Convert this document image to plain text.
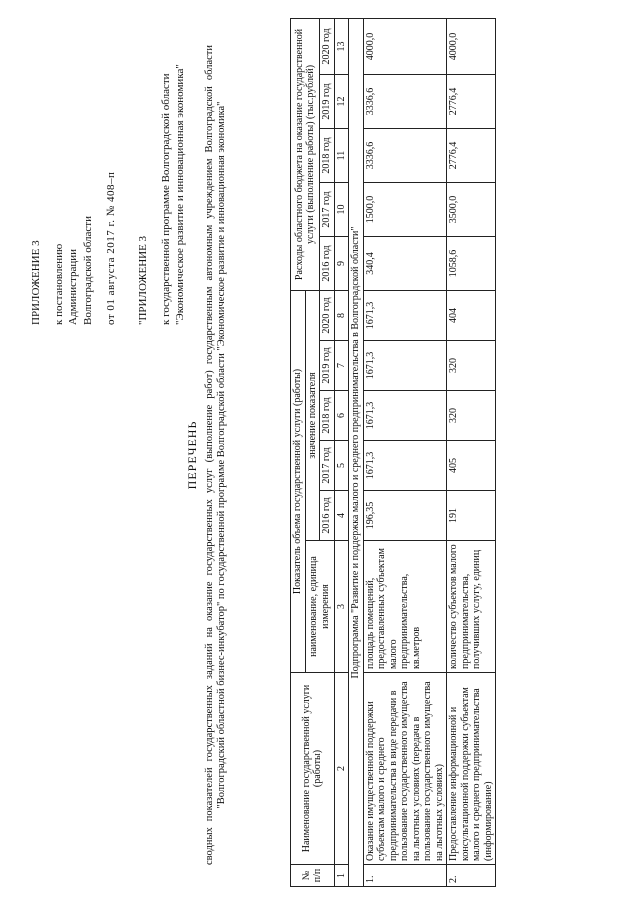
ПРИЛОЖЕНИЕ 3 к постановлению Администрации Волгоградской области от 01 августа 2017 г. № 408–п "ПРИЛОЖЕНИЕ 3 к государственной программе Волгоградской области "Экономическое развитие и инновационная экономика"
ПЕРЕЧЕНЬ сводных показателей государственных заданий на оказание государственных услуг (выполнение работ) государственным автономным учреждением Волгоградской области "Волгоградский областной бизнес-инкубатор" по государственной программе Волгоградской области "Экономическое развитие и инновационная экономика"
№ п/п	Наименование государственной услуги (работы)	Показатель объема государственной услуги (работы)						Расходы областного бюджета на оказание государственной услуги (выполнение работы) (тыс.рублей)				
		наименование, единица измерения	значение показателя									
			2016 год	2017 год	2018 год	2019 год	2020 год	2016 год	2017 год	2018 год	2019 год	2020 год
1	2	3	4	5	6	7	8	9	10	11	12	13
Подпрограмма "Развитие и поддержка малого и среднего предпринимательства в Волгоградской области"												
1.	Оказание имущественной поддержки субъектам малого и среднего предпринимательства в виде передачи в пользование государственного имущества на льготных условиях (передача в пользование государственного имущества на льготных условиях)	площадь помещений, предоставленных субъектам малого предпринимательства, кв.метров	196,35	1671,3	1671,3	1671,3	1671,3	340,4	1500,0	3336,6	3336,6	4000,0
2.	Предоставление информационной и консультационной поддержки субъектам малого и среднего предпринимательства (информирование)	количество субъектов малого предпринимательства, получивших услугу, единиц	191	405	320	320	404	1058,6	3500,0	2776,4	2776,4	4000,0
